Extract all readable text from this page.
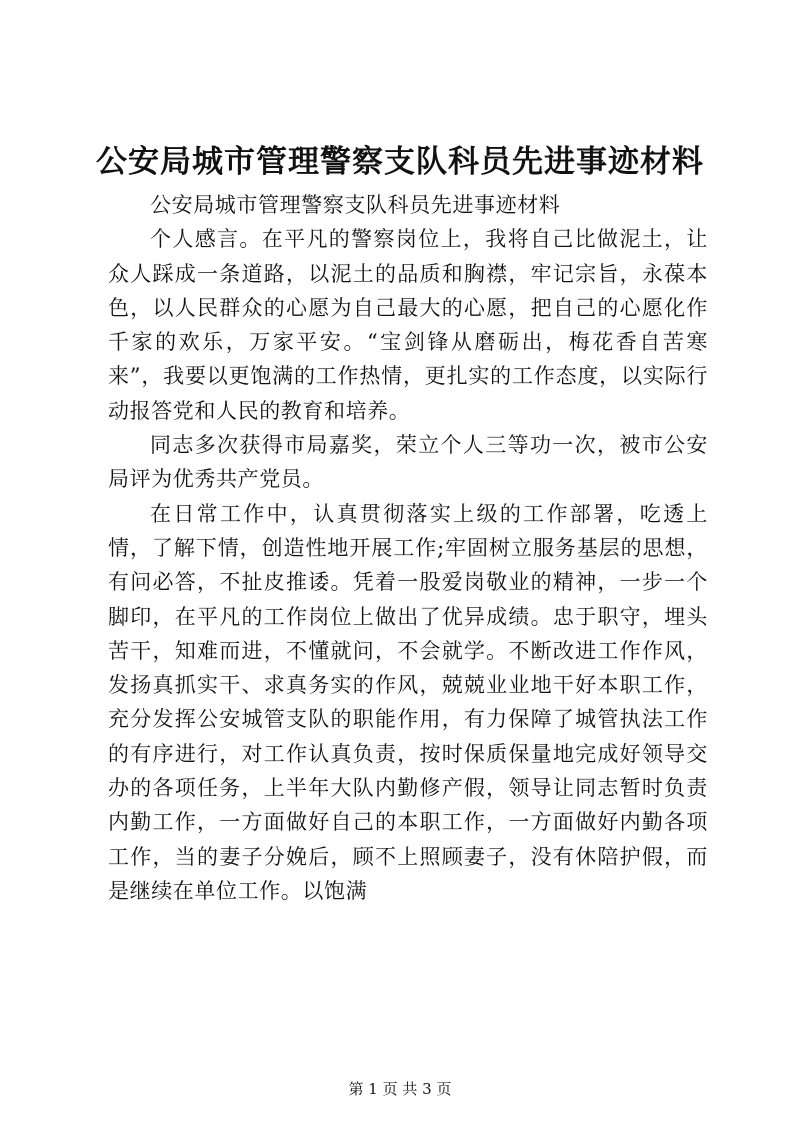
公安局城市管理警察支队科员先进事迹材料

公安局城市管理警察支队科员先进事迹材料

个人感言。在平凡的警察岗位上，我将自己比做泥土，让众人踩成一条道路，以泥土的品质和胸襟，牢记宗旨，永葆本色，以人民群众的心愿为自己最大的心愿，把自己的心愿化作千家的欢乐，万家平安。“宝剑锋从磨砺出，梅花香自苦寒来”，我要以更饱满的工作热情，更扎实的工作态度，以实际行动报答党和人民的教育和培养。

同志多次获得市局嘉奖，荣立个人三等功一次，被市公安局评为优秀共产党员。

在日常工作中，认真贯彻落实上级的工作部署，吃透上情，了解下情，创造性地开展工作;牢固树立服务基层的思想，有问必答，不扯皮推诿。凭着一股爱岗敬业的精神，一步一个脚印，在平凡的工作岗位上做出了优异成绩。忠于职守，埋头苦干，知难而进，不懂就问，不会就学。不断改进工作作风，发扬真抓实干、求真务实的作风，兢兢业业地干好本职工作，充分发挥公安城管支队的职能作用，有力保障了城管执法工作的有序进行，对工作认真负责，按时保质保量地完成好领导交办的各项任务，上半年大队内勤修产假，领导让同志暂时负责内勤工作，一方面做好自己的本职工作，一方面做好内勤各项工作，当的妻子分娩后，顾不上照顾妻子，没有休陪护假，而是继续在单位工作。以饱满

第 1 页 共 3 页
